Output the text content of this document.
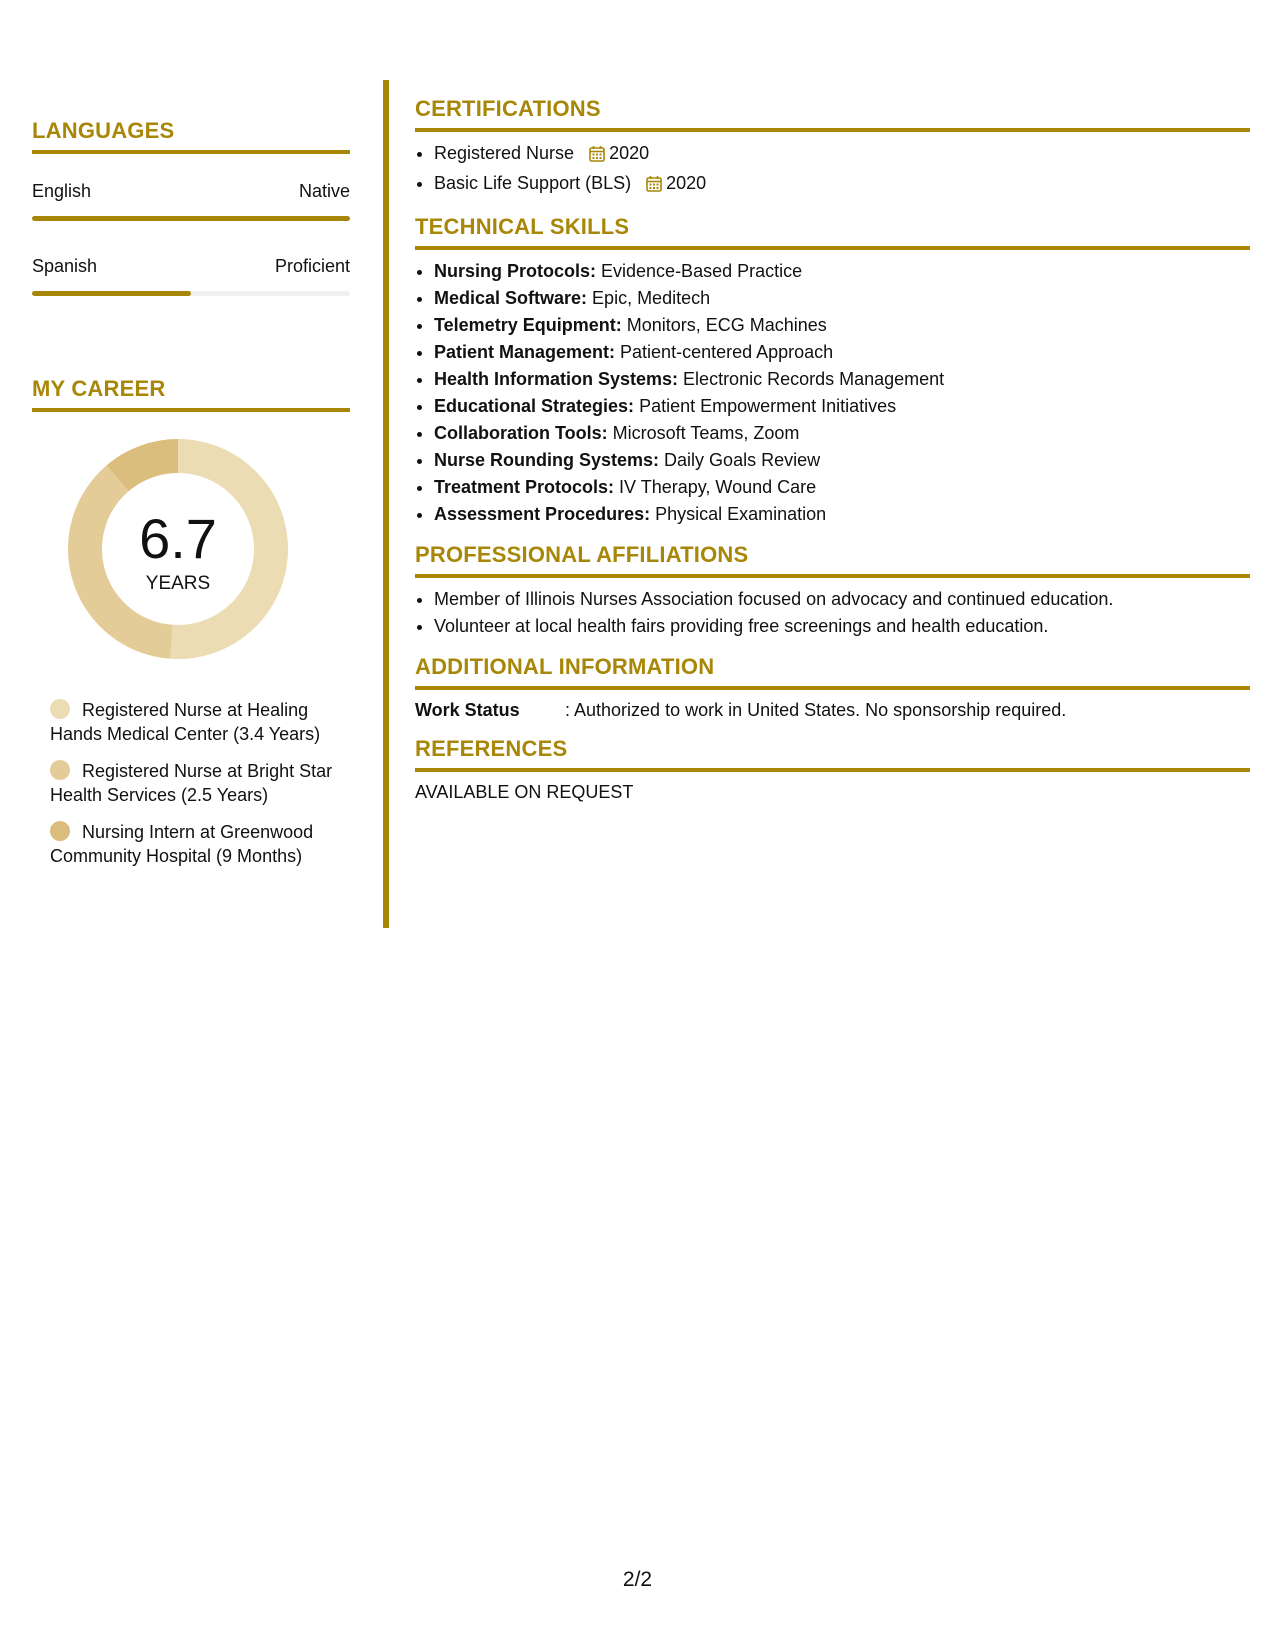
LANGUAGES
English	Native
Spanish	Proficient
MY CAREER
6.7
YEARS
Registered Nurse at Healing Hands Medical Center (3.4 Years)
Registered Nurse at Bright Star Health Services (2.5 Years)
Nursing Intern at Greenwood Community Hospital (9 Months)
CERTIFICATIONS
• Registered Nurse 2020
• Basic Life Support (BLS) 2020
TECHNICAL SKILLS
• Nursing Protocols: Evidence-Based Practice
• Medical Software: Epic, Meditech
• Telemetry Equipment: Monitors, ECG Machines
• Patient Management: Patient-centered Approach
• Health Information Systems: Electronic Records Management
• Educational Strategies: Patient Empowerment Initiatives
• Collaboration Tools: Microsoft Teams, Zoom
• Nurse Rounding Systems: Daily Goals Review
• Treatment Protocols: IV Therapy, Wound Care
• Assessment Procedures: Physical Examination
PROFESSIONAL AFFILIATIONS
• Member of Illinois Nurses Association focused on advocacy and continued education.
• Volunteer at local health fairs providing free screenings and health education.
ADDITIONAL INFORMATION
Work Status	: Authorized to work in United States. No sponsorship required.
REFERENCES
AVAILABLE ON REQUEST
2/2
